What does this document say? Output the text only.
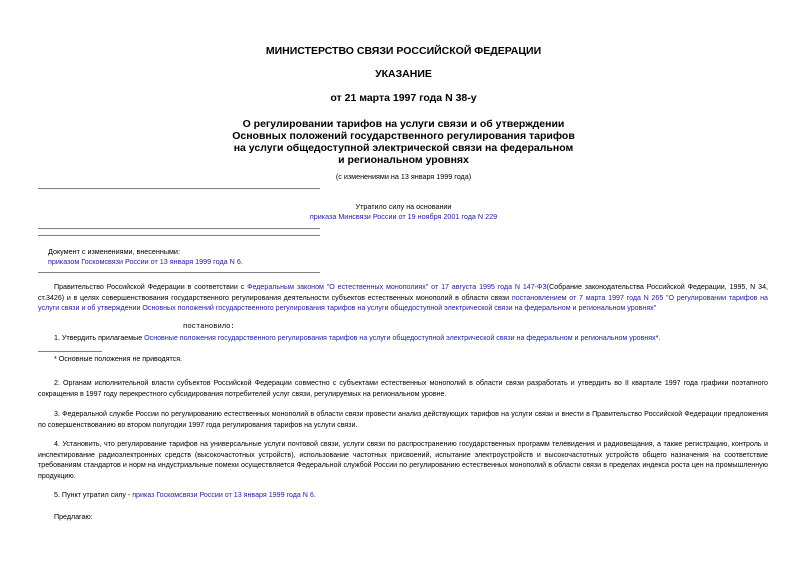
МИНИСТЕРСТВО СВЯЗИ РОССИЙСКОЙ ФЕДЕРАЦИИ
УКАЗАНИЕ
от 21 марта 1997 года N 38-у
О регулировании тарифов на услуги связи и об утверждении
Основных положений государственного регулирования тарифов
на услуги общедоступной электрической связи на федеральном
и региональном уровнях
(с изменениями на 13 января 1999 года)
Утратило силу на основании
приказа Минсвязи России от 19 ноября 2001 года N 229
Документ с изменениями, внесенными:
приказом Госкомсвязи России от 13 января 1999 года N 6.
Правительство Российской Федерации в соответствии с Федеральным законом "О естественных монополиях" от 17 августа 1995 года N 147-ФЗ(Собрание законодательства Российской Федерации, 1995, N 34, ст.3426) и в целях совершенствования государственного регулирования деятельности субъектов естественных монополий в области связи постановлением от 7 марта 1997 года N 265 "О регулировании тарифов на услуги связи и об утверждении Основных положений государственного регулирования тарифов на услуги общедоступной электрической связи на федеральном и региональном уровнях"
постановило:
1. Утвердить прилагаемые Основные положения государственного регулирования тарифов на услуги общедоступной электрической связи на федеральном и региональном уровнях*.
* Основные положения не приводятся.
2. Органам исполнительной власти субъектов Российской Федерации совместно с субъектами естественных монополий в области связи разработать и утвердить во II квартале 1997 года графики поэтапного сокращения в 1997 году перекрестного субсидирования потребителей услуг связи, регулируемых на региональном уровне.
3. Федеральной службе России по регулированию естественных монополий в области связи провести анализ действующих тарифов на услуги связи и внести в Правительство Российской Федерации предложения по совершенствованию во втором полугодии 1997 года регулирования тарифов на услуги связи.
4. Установить, что регулирование тарифов на универсальные услуги почтовой связи, услуги связи по распространению государственных программ телевидения и радиовещания, а также регистрацию, контроль и инспектирование радиоэлектронных средств (высокочастотных устройств), использование частотных присвоений, испытание электроустройств и высокочастотных устройств общего назначения на соответствие требованиям стандартов и норм на индустриальные помехи осуществляется Федеральной службой России по регулированию естественных монополий в области связи в пределах индекса роста цен на промышленную продукцию.
5. Пункт утратил силу - приказ Госкомсвязи России от 13 января 1999 года N 6.
Предлагаю:
